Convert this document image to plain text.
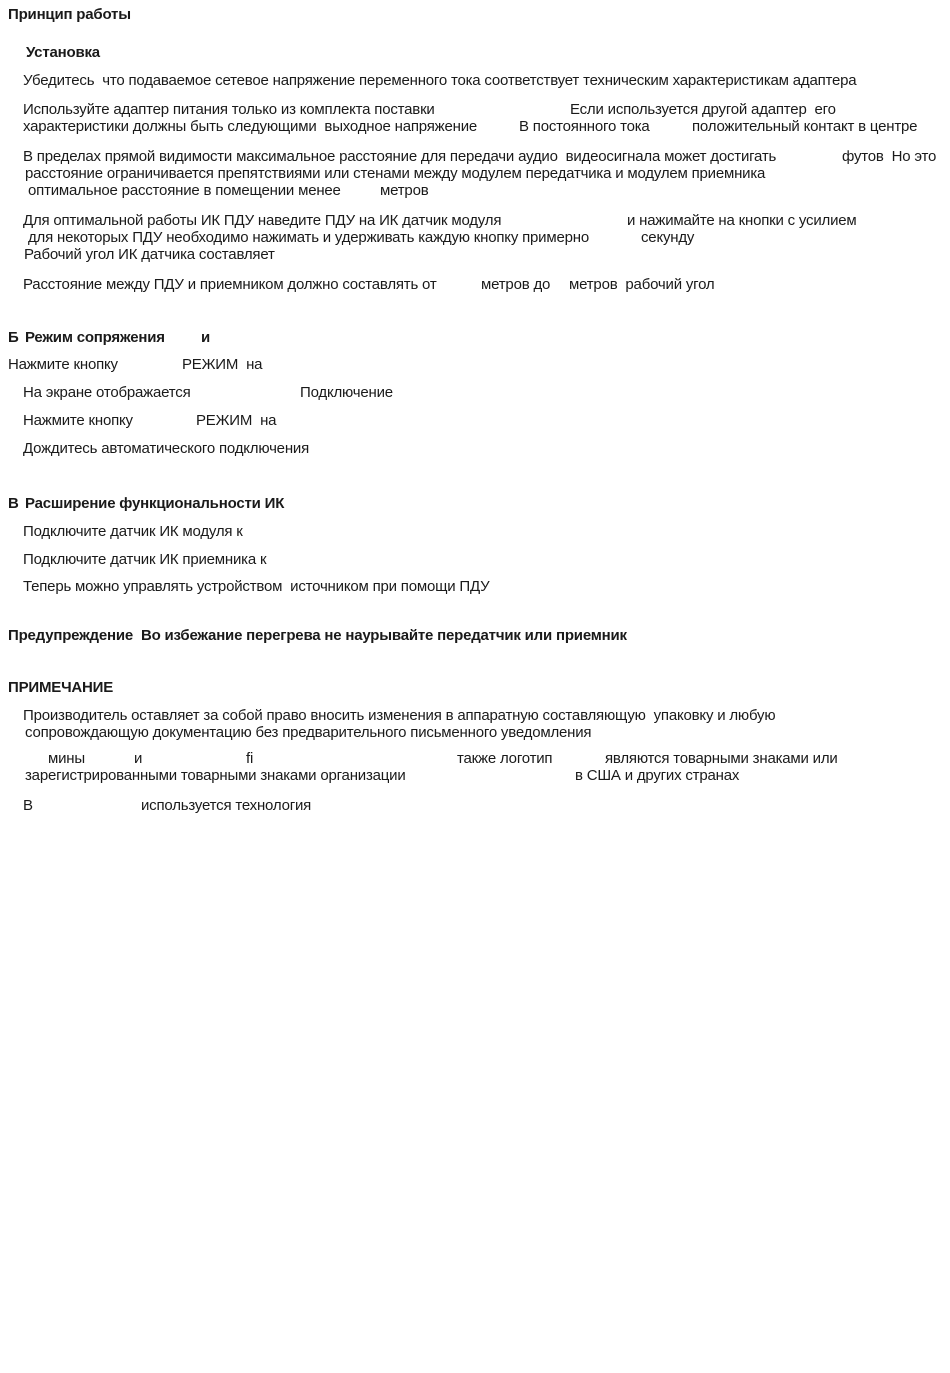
Принцип работы
Установка
Убедитесь  что подаваемое сетевое напряжение переменного тока соответствует техническим характеристикам адаптера
Используйте адаптер питания только из комплекта поставки	Если используется другой адаптер  его
характеристики должны быть следующими  выходное напряжение	В постоянного тока	положительный контакт в центре
В пределах прямой видимости максимальное расстояние для передачи аудио  видеосигнала может достигать	футов  Но это
расстояние ограничивается препятствиями или стенами между модулем передатчика и модулем приемника
оптимальное расстояние в помещении менее	метров
Для оптимальной работы ИК ПДУ наведите ПДУ на ИК датчик модуля	и нажимайте на кнопки с усилием
для некоторых ПДУ необходимо нажимать и удерживать каждую кнопку примерно	секунду
Рабочий угол ИК датчика составляет
Расстояние между ПДУ и приемником должно составлять от	метров до метров  рабочий угол
Б Режим сопряжения и
Нажмите кнопку	РЕЖИМ  на
На экране отображается	Подключение
Нажмите кнопку	РЕЖИМ  на
Дождитесь автоматического подключения
В Расширение функциональности ИК
Подключите датчик ИК модуля к
Подключите датчик ИК приемника к
Теперь можно управлять устройством  источником при помощи ПДУ
Предупреждение  Во избежание перегрева не наурывайте передатчик или приемник
ПРИМЕЧАНИЕ
Производитель оставляет за собой право вносить изменения в аппаратную составляющую  упаковку и любую
сопровождающую документацию без предварительного письменного уведомления
мины	и	fi	также логотип	являются товарными знаками или
зарегистрированными товарными знаками организации	в США и других странах
В	используется технология
